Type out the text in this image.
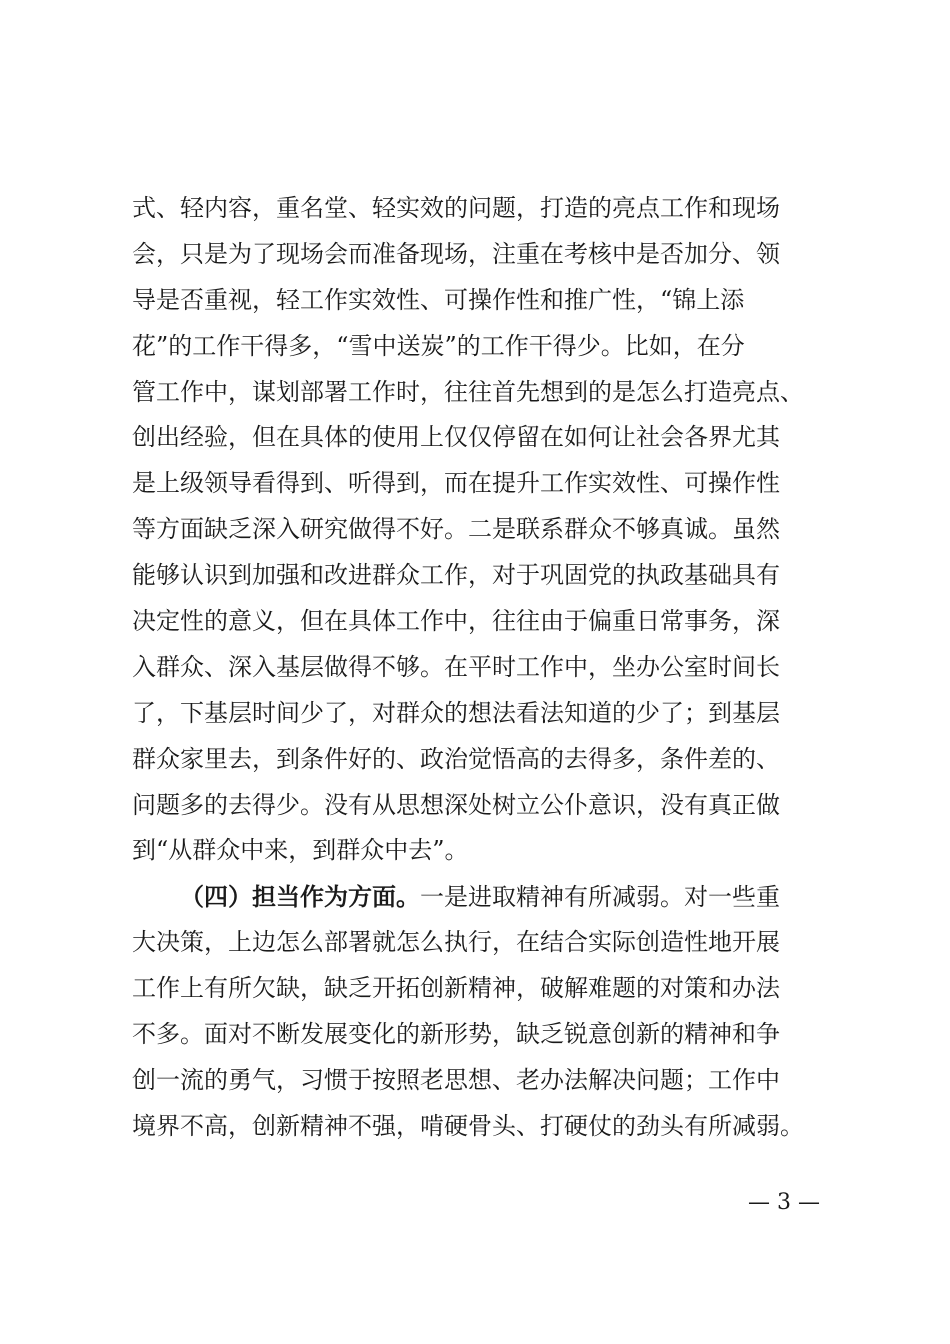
式、轻内容，重名堂、轻实效的问题，打造的亮点工作和现场
会，只是为了现场会而准备现场，注重在考核中是否加分、领
导是否重视，轻工作实效性、可操作性和推广性，“锦上添
花”的工作干得多，“雪中送炭”的工作干得少。比如，在分
管工作中，谋划部署工作时，往往首先想到的是怎么打造亮点、
创出经验，但在具体的使用上仅仅停留在如何让社会各界尤其
是上级领导看得到、听得到，而在提升工作实效性、可操作性
等方面缺乏深入研究做得不好。二是联系群众不够真诚。虽然
能够认识到加强和改进群众工作，对于巩固党的执政基础具有
决定性的意义，但在具体工作中，往往由于偏重日常事务，深
入群众、深入基层做得不够。在平时工作中，坐办公室时间长
了，下基层时间少了，对群众的想法看法知道的少了；到基层
群众家里去，到条件好的、政治觉悟高的去得多，条件差的、
问题多的去得少。没有从思想深处树立公仆意识，没有真正做
到“从群众中来，到群众中去”。
（四）担当作为方面。一是进取精神有所减弱。对一些重
大决策，上边怎么部署就怎么执行，在结合实际创造性地开展
工作上有所欠缺，缺乏开拓创新精神，破解难题的对策和办法
不多。面对不断发展变化的新形势，缺乏锐意创新的精神和争
创一流的勇气，习惯于按照老思想、老办法解决问题；工作中
境界不高，创新精神不强，啃硬骨头、打硬仗的劲头有所减弱。
— 3 —
